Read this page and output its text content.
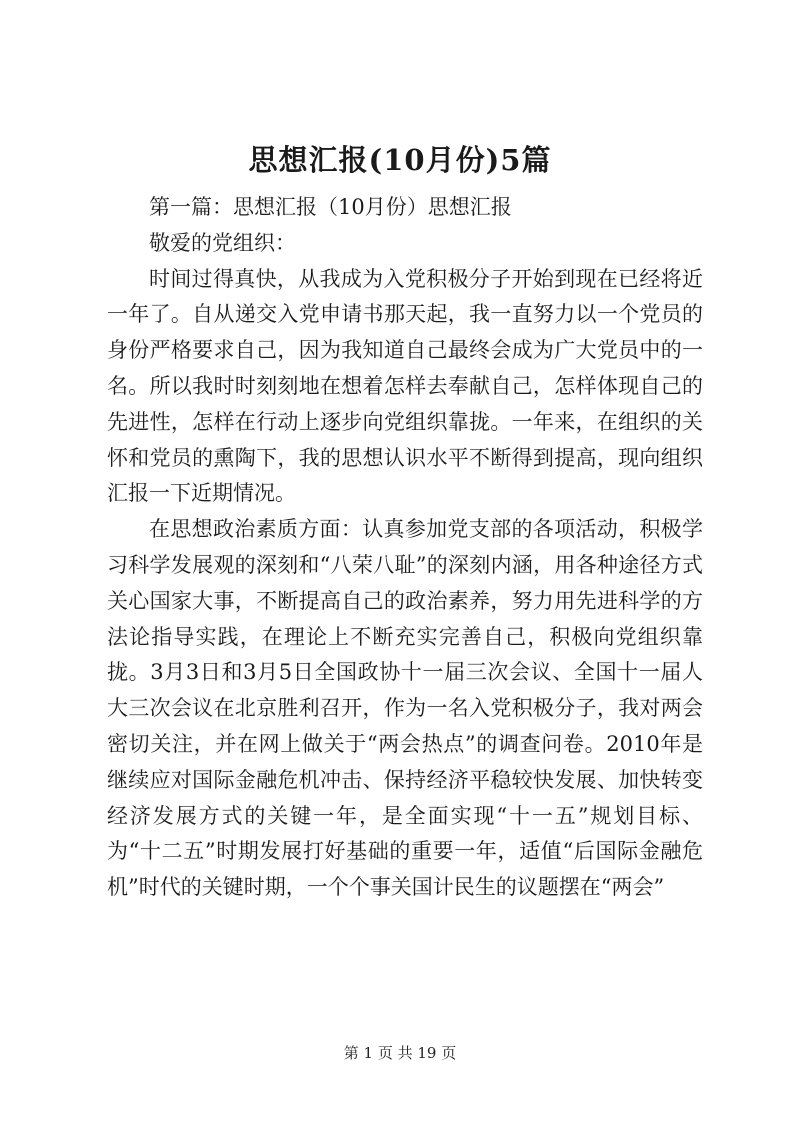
思想汇报(10月份)5篇

第一篇：思想汇报（10月份）思想汇报

敬爱的党组织：

时间过得真快，从我成为入党积极分子开始到现在已经将近一年了。自从递交入党申请书那天起，我一直努力以一个党员的身份严格要求自己，因为我知道自己最终会成为广大党员中的一名。所以我时时刻刻地在想着怎样去奉献自己，怎样体现自己的先进性，怎样在行动上逐步向党组织靠拢。一年来，在组织的关怀和党员的熏陶下，我的思想认识水平不断得到提高，现向组织汇报一下近期情况。

在思想政治素质方面：认真参加党支部的各项活动，积极学习科学发展观的深刻和“八荣八耻”的深刻内涵，用各种途径方式关心国家大事，不断提高自己的政治素养，努力用先进科学的方法论指导实践，在理论上不断充实完善自己，积极向党组织靠拢。3月3日和3月5日全国政协十一届三次会议、全国十一届人大三次会议在北京胜利召开，作为一名入党积极分子，我对两会密切关注，并在网上做关于“两会热点”的调查问卷。2010年是继续应对国际金融危机冲击、保持经济平稳较快发展、加快转变经济发展方式的关键一年，是全面实现“十一五”规划目标、为“十二五”时期发展打好基础的重要一年，适值“后国际金融危机”时代的关键时期，一个个事关国计民生的议题摆在“两会”

第 1 页 共 19 页
